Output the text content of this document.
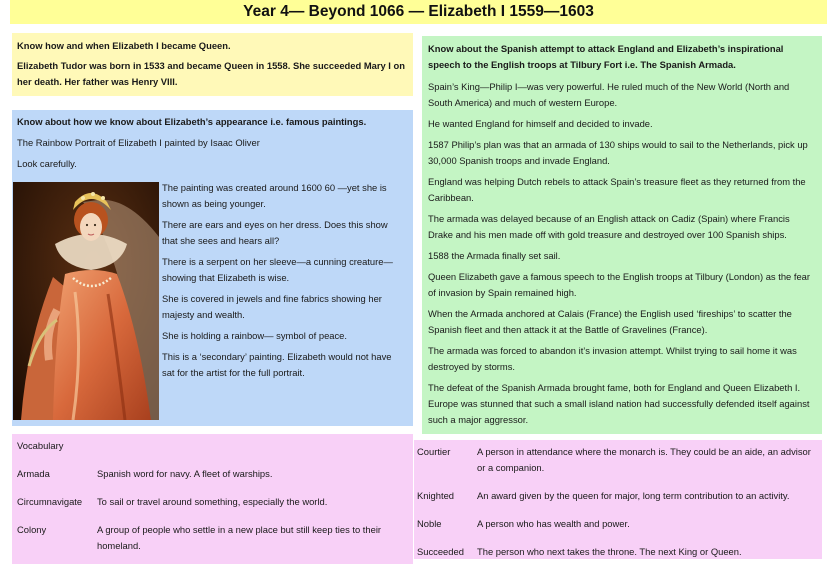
Year 4— Beyond 1066 — Elizabeth I 1559—1603

Know how and when Elizabeth I became Queen.

Elizabeth Tudor was born in 1533 and became Queen in 1558. She succeeded Mary I on her death. Her father was Henry VIII.

Know about how we know about Elizabeth’s appearance i.e. famous paintings.

The Rainbow Portrait of Elizabeth I painted by Isaac Oliver

Look carefully.

The painting was created around 1600 60 —yet she is shown as being younger.

There are ears and eyes on her dress. Does this show that she sees and hears all?

There is a serpent on her sleeve—a cunning creature—showing that Elizabeth is wise.

She is covered in jewels and fine fabrics showing her majesty and wealth.

She is holding a rainbow— symbol of peace.

This is a ‘secondary’ painting. Elizabeth would not have sat for the artist for the full portrait.

Know about the Spanish attempt to attack England and Elizabeth’s inspirational speech to the English troops at Tilbury Fort i.e. The Spanish Armada.

Spain’s King—Philip I—was very powerful. He ruled much of the New World (North and South America) and much of western Europe.

He wanted England for himself and decided to invade.

1587 Philip’s plan was that an armada of 130 ships would to sail to the Netherlands, pick up 30,000 Spanish troops and invade England.

England was helping Dutch rebels to attack Spain’s treasure fleet as they returned from the Caribbean.

The armada was delayed because of an English attack on Cadiz (Spain) where Francis Drake and his men made off with gold treasure and destroyed over 100 Spanish ships.

1588 the Armada finally set sail.

Queen Elizabeth gave a famous speech to the English troops at Tilbury (London) as the fear of invasion by Spain remained high.

When the Armada anchored at Calais (France) the English used ‘fireships’ to scatter the Spanish fleet and then attack it at the Battle of Gravelines (France).

The armada was forced to abandon it’s invasion attempt. Whilst trying to sail home it was destroyed by storms.

The defeat of the Spanish Armada brought fame, both for England and Queen Elizabeth I. Europe was stunned that such a small island nation had successfully defended itself against such a major aggressor.

Vocabulary

Armada	Spanish word for navy. A fleet of warships.
Circumnavigate	To sail or travel around something, especially the world.
Colony	A group of people who settle in a new place but still keep ties to their homeland.
Courtier	A person in attendance where the monarch is. They could be an aide, an advisor or a companion.
Knighted	An award given by the queen for major, long term contribution to an activity.
Noble	A person who has wealth and power.
Succeeded	The person who next takes the throne. The next King or Queen.
